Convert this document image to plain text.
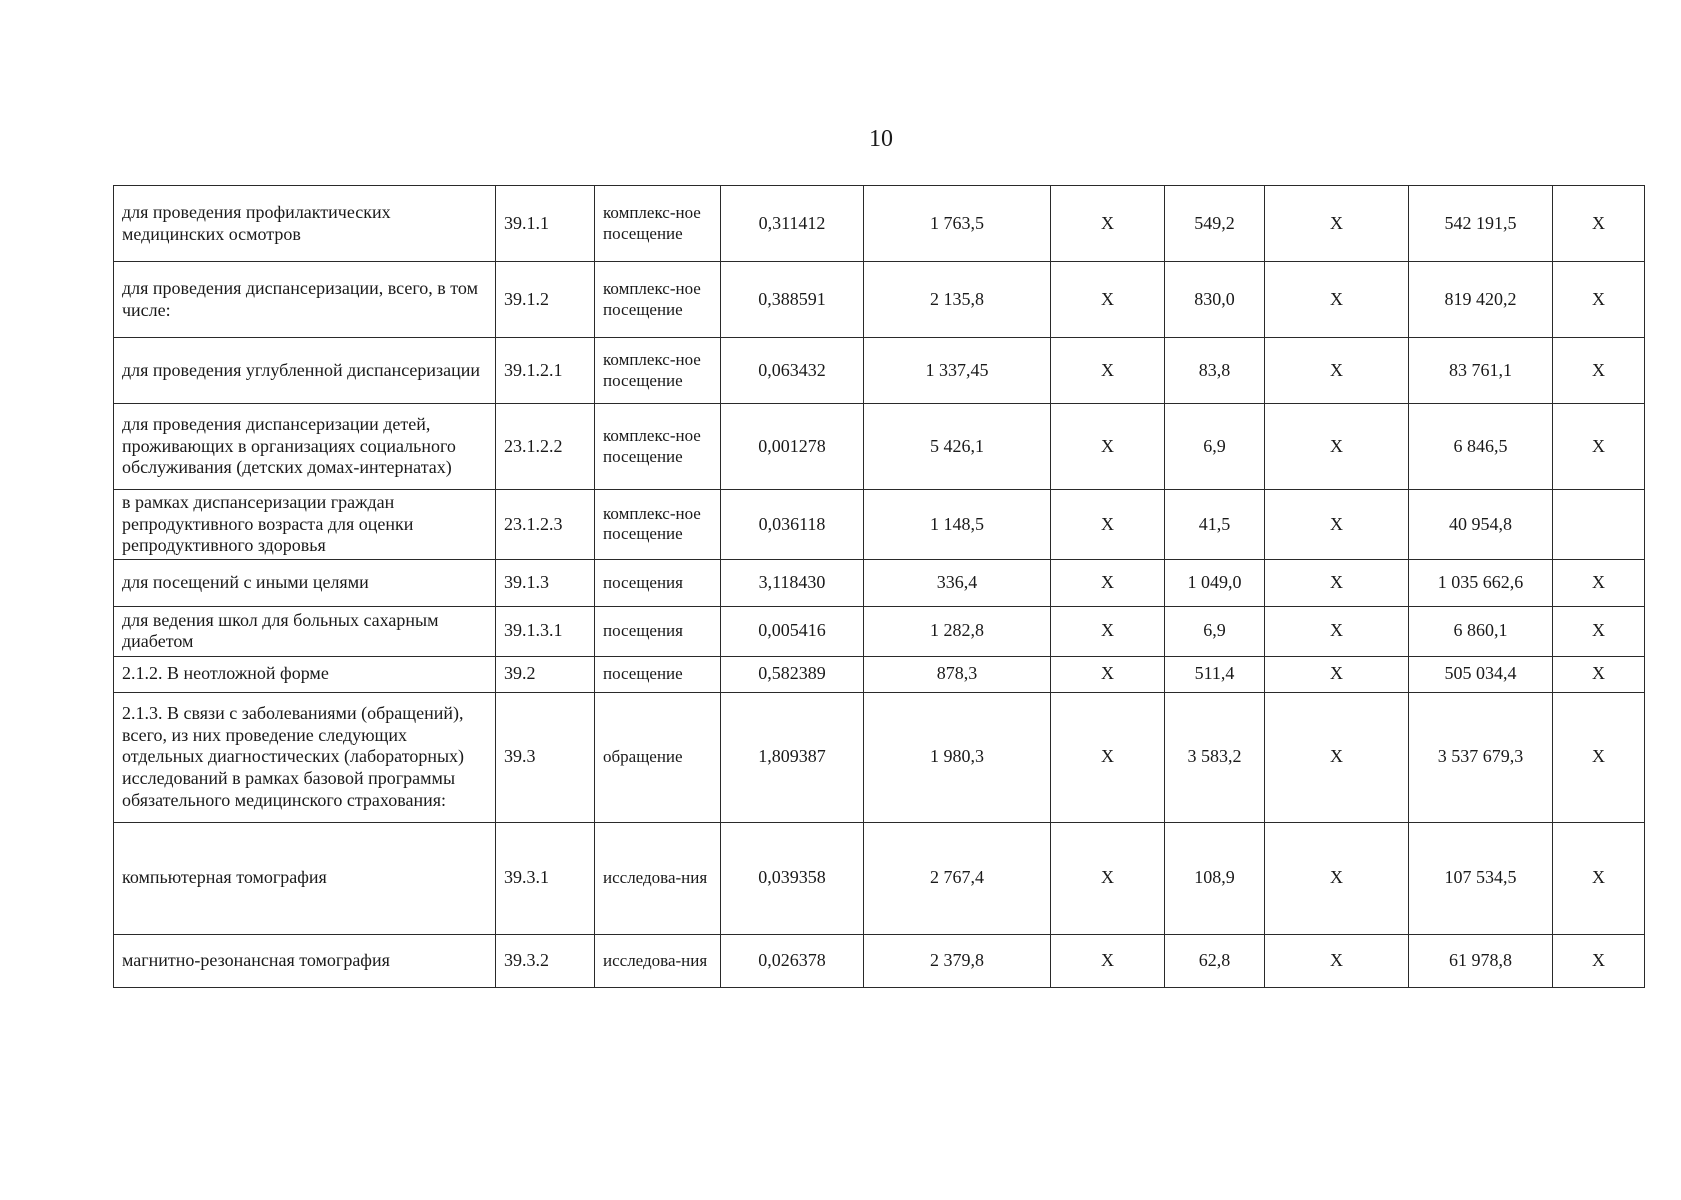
10
для проведения профилактических медицинских осмотров	39.1.1	комплекс-ное посещение	0,311412	1 763,5	X	549,2	X	542 191,5	X
для проведения диспансеризации, всего, в том числе:	39.1.2	комплекс-ное посещение	0,388591	2 135,8	X	830,0	X	819 420,2	X
для проведения углубленной диспансеризации	39.1.2.1	комплекс-ное посещение	0,063432	1 337,45	X	83,8	X	83 761,1	X
для проведения диспансеризации детей, проживающих в организациях социального обслуживания (детских домах-интернатах)	23.1.2.2	комплекс-ное посещение	0,001278	5 426,1	X	6,9	X	6 846,5	X
в рамках диспансеризации граждан репродуктивного возраста для оценки репродуктивного здоровья	23.1.2.3	комплекс-ное посещение	0,036118	1 148,5	X	41,5	X	40 954,8	
для посещений с иными целями	39.1.3	посещения	3,118430	336,4	X	1 049,0	X	1 035 662,6	X
для ведения школ для больных сахарным диабетом	39.1.3.1	посещения	0,005416	1 282,8	X	6,9	X	6 860,1	X
2.1.2. В неотложной форме	39.2	посещение	0,582389	878,3	X	511,4	X	505 034,4	X
2.1.3. В связи с заболеваниями (обращений), всего, из них проведение следующих отдельных диагностических (лабораторных) исследований в рамках базовой программы обязательного медицинского страхования:	39.3	обращение	1,809387	1 980,3	X	3 583,2	X	3 537 679,3	X
компьютерная томография	39.3.1	исследова-ния	0,039358	2 767,4	X	108,9	X	107 534,5	X
магнитно-резонансная томография	39.3.2	исследова-ния	0,026378	2 379,8	X	62,8	X	61 978,8	X
